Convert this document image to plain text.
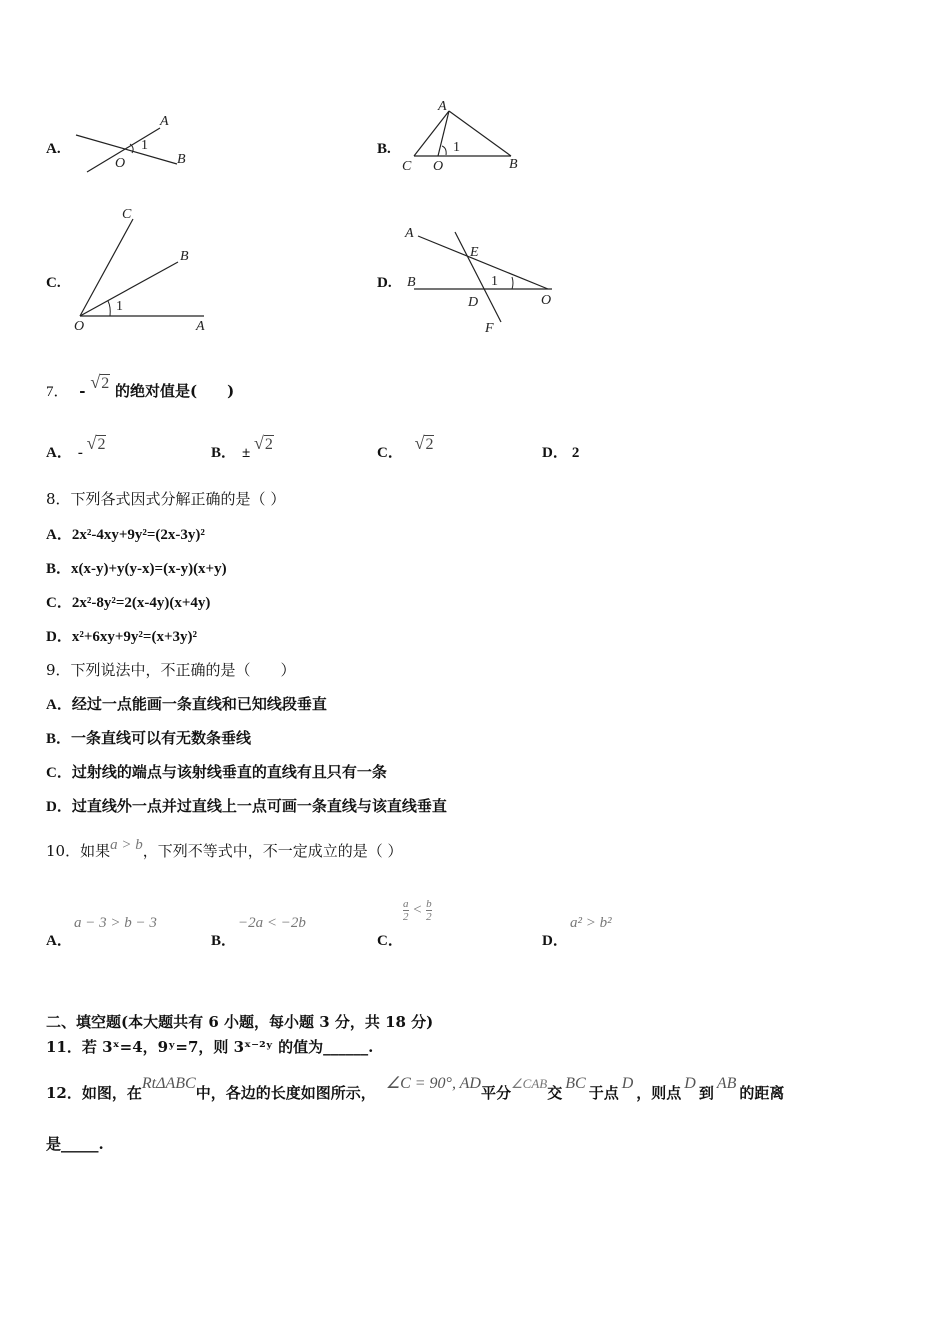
A.
A
O	B
1	B.
A
C O	B
1
C.
C
B
O	A
1
D.
A
E
B
D	O
F
1
7． - √2 的绝对值是(　　)
A． - √2	B． ± √2	C． √2	D． 2
8．下列各式因式分解正确的是（ ）
A．2x²-4xy+9y²=(2x-3y)²
B．x(x-y)+y(y-x)=(x-y)(x+y)
C．2x²-8y²=2(x-4y)(x+4y)
D．x²+6xy+9y²=(x+3y)²
9．下列说法中，不正确的是（　　）
A．经过一点能画一条直线和已知线段垂直
B．一条直线可以有无数条垂线
C．过射线的端点与该射线垂直的直线有且只有一条
D．过直线外一点并过直线上一点可画一条直线与该直线垂直
10．如果a > b，下列不等式中，不一定成立的是（ ）
A．
a − 3 > b − 3
B．
−2a < −2b
C．
$\frac{a}{2} < \frac{b}{2}$
D．
a² > b²
二、填空题(本大题共有 6 小题，每小题 3 分，共 18 分)
11．若 3ˣ=4，9ʸ=7，则 3ˣ⁻²ʸ 的值为______.
12．如图，在RtΔABC中，各边的长度如图所示，∠C = 90°, AD平分∠CAB交BC于点D，则点D到AB的距离
是_____.
